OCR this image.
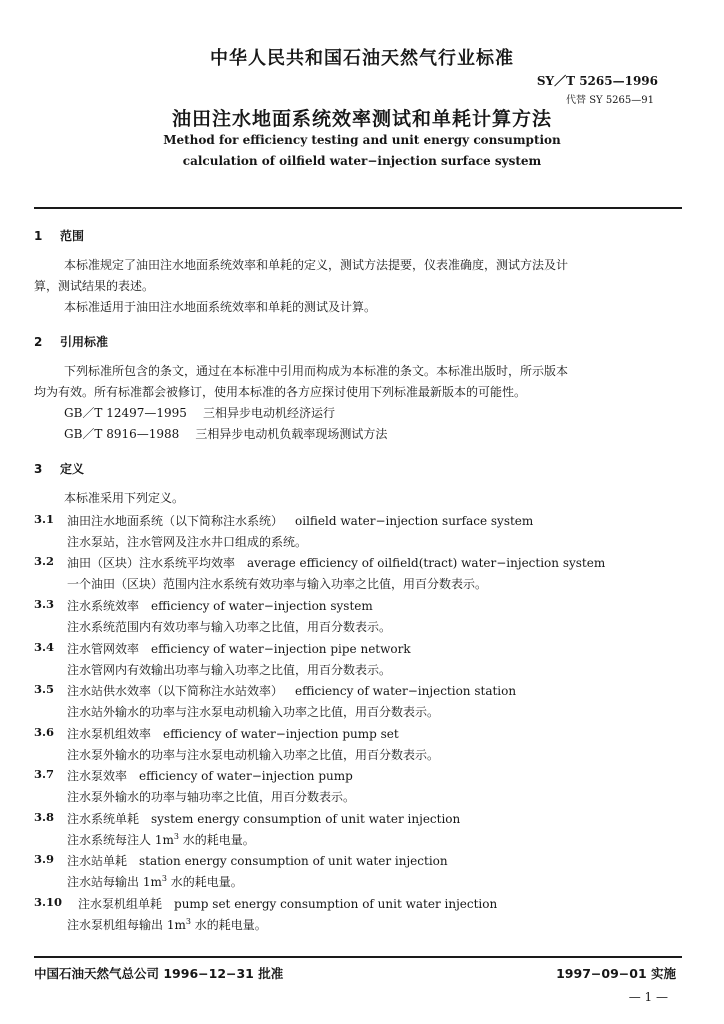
中华人民共和国石油天然气行业标准
SY／T 5265—1996
代替 SY 5265—91
油田注水地面系统效率测试和单耗计算方法
Method for efficiency testing and unit energy consumption
calculation of oilfield water−injection surface system
1 范围
本标准规定了油田注水地面系统效率和单耗的定义，测试方法提要，仪表准确度，测试方法及计
算，测试结果的表述。
本标准适用于油田注水地面系统效率和单耗的测试及计算。
2 引用标准
下列标准所包含的条文，通过在本标准中引用而构成为本标准的条文。本标准出版时，所示版本
均为有效。所有标准都会被修订，使用本标准的各方应探讨使用下列标准最新版本的可能性。
GB／T 12497—1995 三相异步电动机经济运行
GB／T 8916—1988 三相异步电动机负载率现场测试方法
3 定义
本标准采用下列定义。
3.1 油田注水地面系统（以下简称注水系统） oilfield water−injection surface system
注水泵站，注水管网及注水井口组成的系统。
3.2 油田（区块）注水系统平均效率 average efficiency of oilfield(tract) water−injection system
一个油田（区块）范围内注水系统有效功率与输入功率之比值，用百分数表示。
3.3 注水系统效率 efficiency of water−injection system
注水系统范围内有效功率与输入功率之比值，用百分数表示。
3.4 注水管网效率 efficiency of water−injection pipe network
注水管网内有效输出功率与输入功率之比值，用百分数表示。
3.5 注水站供水效率（以下简称注水站效率） efficiency of water−injection station
注水站外输水的功率与注水泵电动机输入功率之比值，用百分数表示。
3.6 注水泵机组效率 efficiency of water−injection pump set
注水泵外输水的功率与注水泵电动机输入功率之比值，用百分数表示。
3.7 注水泵效率 efficiency of water−injection pump
注水泵外输水的功率与轴功率之比值，用百分数表示。
3.8 注水系统单耗 system energy consumption of unit water injection
注水系统每注人 $1m^3$ 水的耗电量。
3.9 注水站单耗 station energy consumption of unit water injection
注水站每输出 $1m^3$ 水的耗电量。
3.10 注水泵机组单耗 pump set energy consumption of unit water injection
注水泵机组每输出 $1m^3$ 水的耗电量。
中国石油天然气总公司 1996−12−31 批准	1997−09−01 实施
— 1 —
